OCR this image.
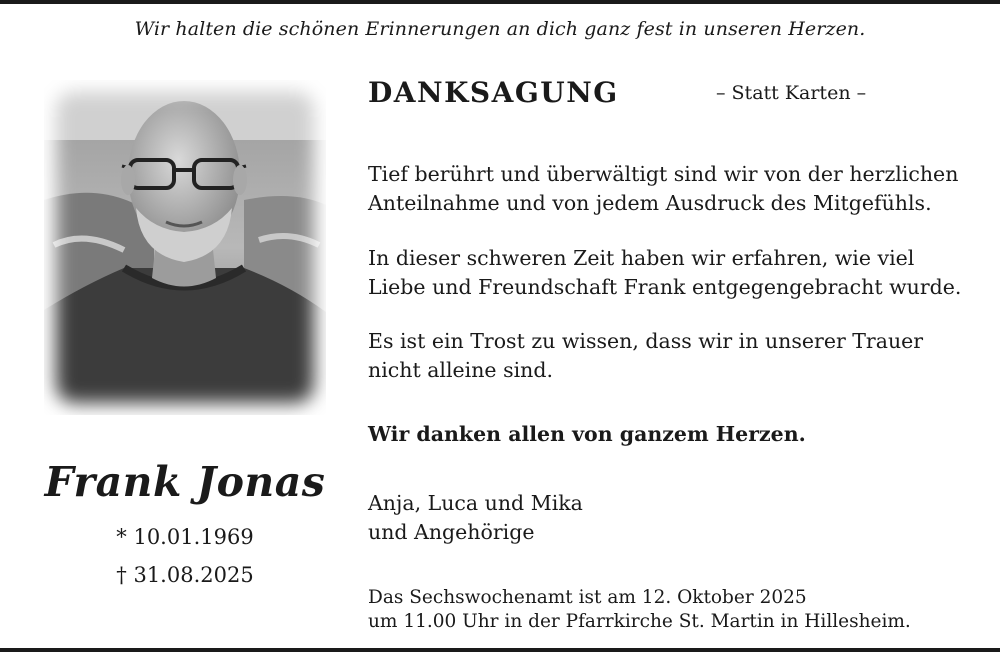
Wir halten die schönen Erinnerungen an dich ganz fest in unseren Herzen.
Frank Jonas
* 10.01.1969
† 31.08.2025
DANKSAGUNG	– Statt Karten –
Tief berührt und überwältigt sind wir von der herzlichen
Anteilnahme und von jedem Ausdruck des Mitgefühls.
In dieser schweren Zeit haben wir erfahren, wie viel
Liebe und Freundschaft Frank entgegengebracht wurde.
Es ist ein Trost zu wissen, dass wir in unserer Trauer
nicht alleine sind.
Wir danken allen von ganzem Herzen.
Anja, Luca und Mika
und Angehörige
Das Sechswochenamt ist am 12. Oktober 2025
um 11.00 Uhr in der Pfarrkirche St. Martin in Hillesheim.
